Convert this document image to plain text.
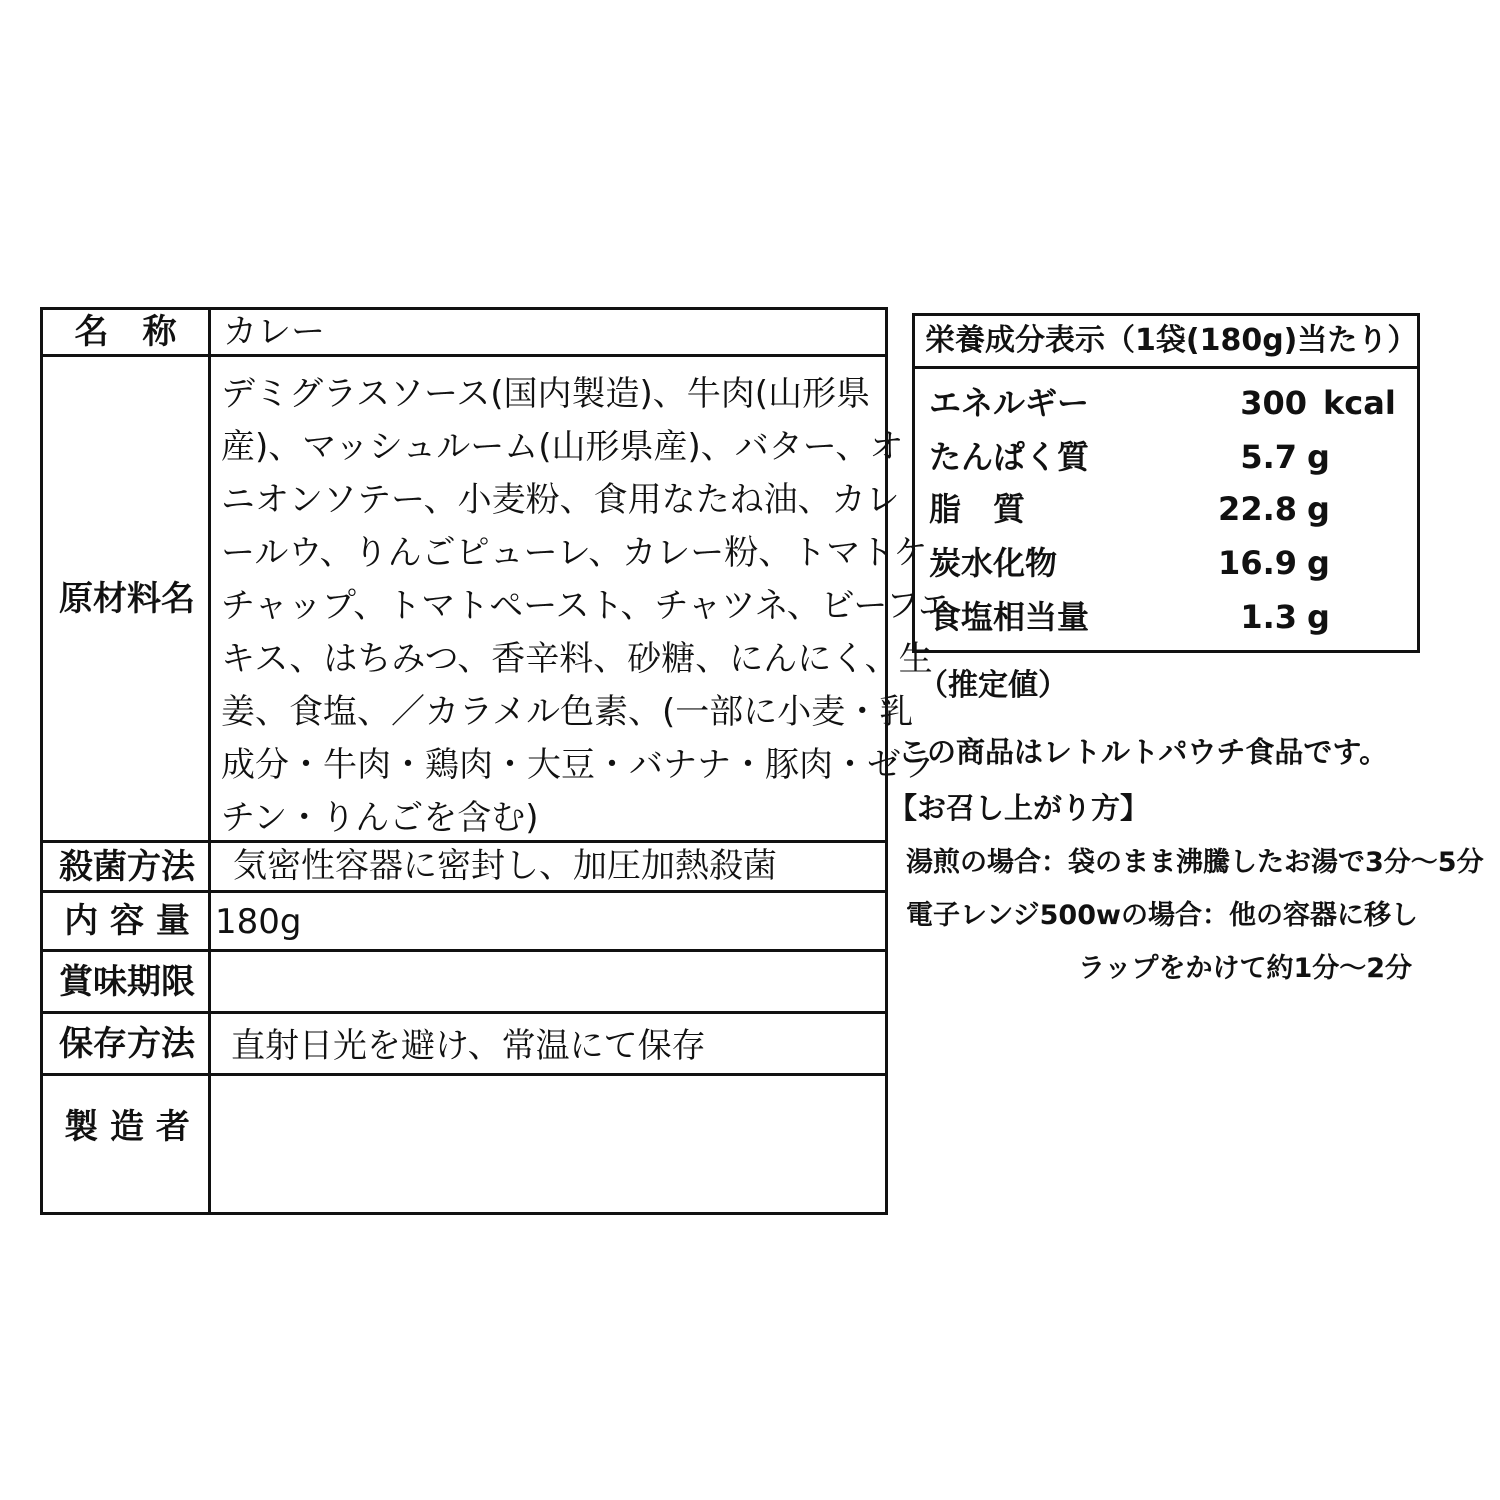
名　称	カレー
原材料名
デミグラスソース(国内製造)、牛肉(山形県
産)、マッシュルーム(山形県産)、バター、オ
ニオンソテー、小麦粉、食用なたね油、カレ
ールウ、りんごピューレ、カレー粉、トマトケ
チャップ、トマトペースト、チャツネ、ビーフエ
キス、はちみつ、香辛料、砂糖、にんにく、生
姜、食塩、／カラメル色素、(一部に小麦・乳
成分・牛肉・鶏肉・大豆・バナナ・豚肉・ゼラ
チン・りんごを含む)
殺菌方法	気密性容器に密封し、加圧加熱殺菌
内 容 量 180g
賞味期限
保存方法	直射日光を避け、常温にて保存
製 造 者
栄養成分表示（1袋(180g)当たり）
エネルギー	300 kcal
たんぱく質	5.7 g
脂　質	22.8 g
炭水化物	16.9 g
食塩相当量	1.3 g
（推定値）
この商品はレトルトパウチ食品です。
【お召し上がり方】
湯煎の場合：袋のまま沸騰したお湯で3分～5分
電子レンジ500wの場合：他の容器に移し
ラップをかけて約1分～2分
